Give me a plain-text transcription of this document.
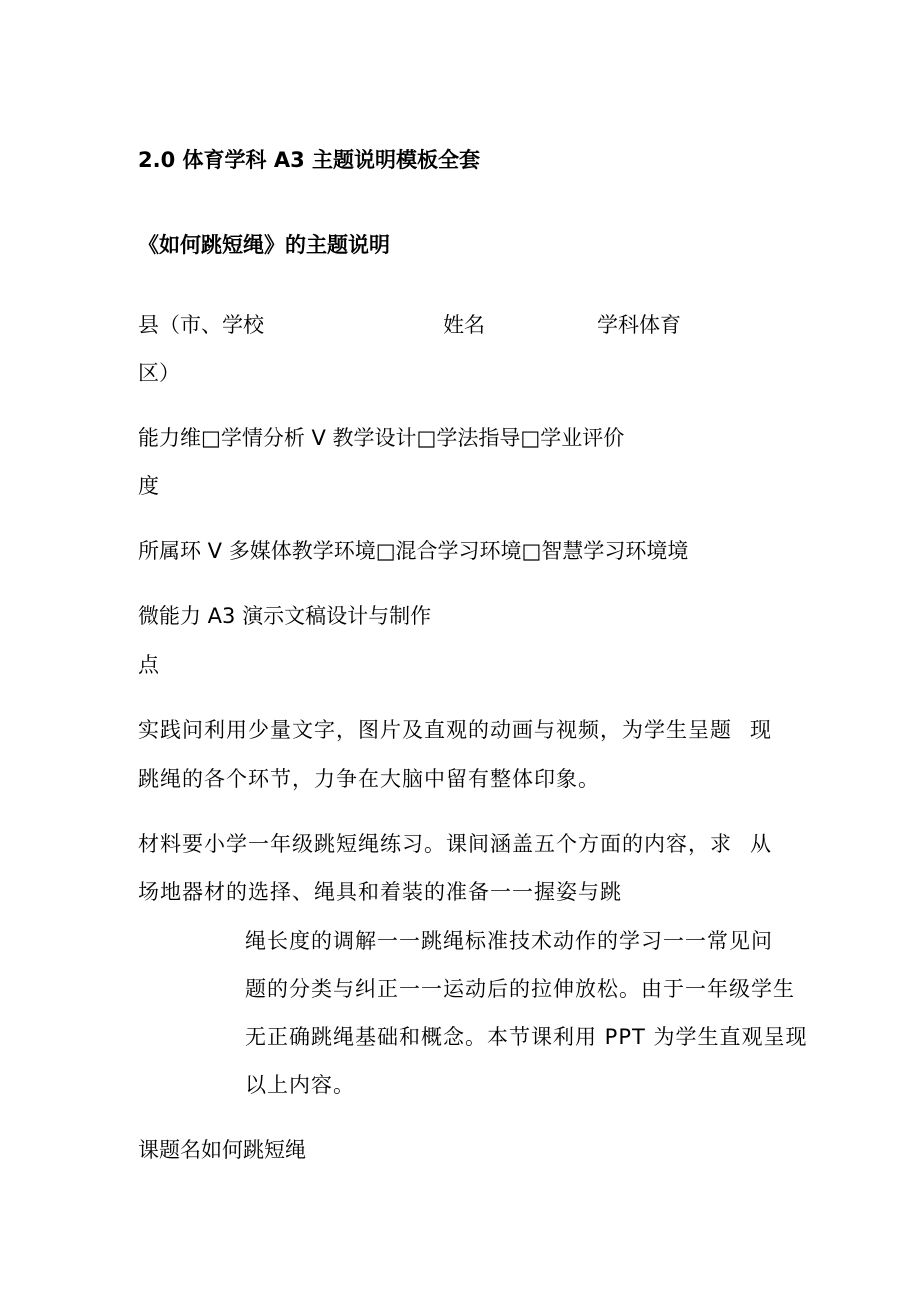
2.0 体育学科 A3 主题说明模板全套
《如何跳短绳》的主题说明
县（市、学校	姓名	学科体育
区）
能力维□学情分析 V 教学设计□学法指导□学业评价
度
所属环 V 多媒体教学环境□混合学习环境□智慧学习环境境
微能力 A3 演示文稿设计与制作
点
实践问利用少量文字，图片及直观的动画与视频，为学生呈题 现
跳绳的各个环节，力争在大脑中留有整体印象。
材料要小学一年级跳短绳练习。课间涵盖五个方面的内容，求 从
场地器材的选择、绳具和着装的准备一一握姿与跳
绳长度的调解一一跳绳标准技术动作的学习一一常见问
题的分类与纠正一一运动后的拉伸放松。由于一年级学生
无正确跳绳基础和概念。本节课利用 PPT 为学生直观呈现
以上内容。
课题名如何跳短绳
